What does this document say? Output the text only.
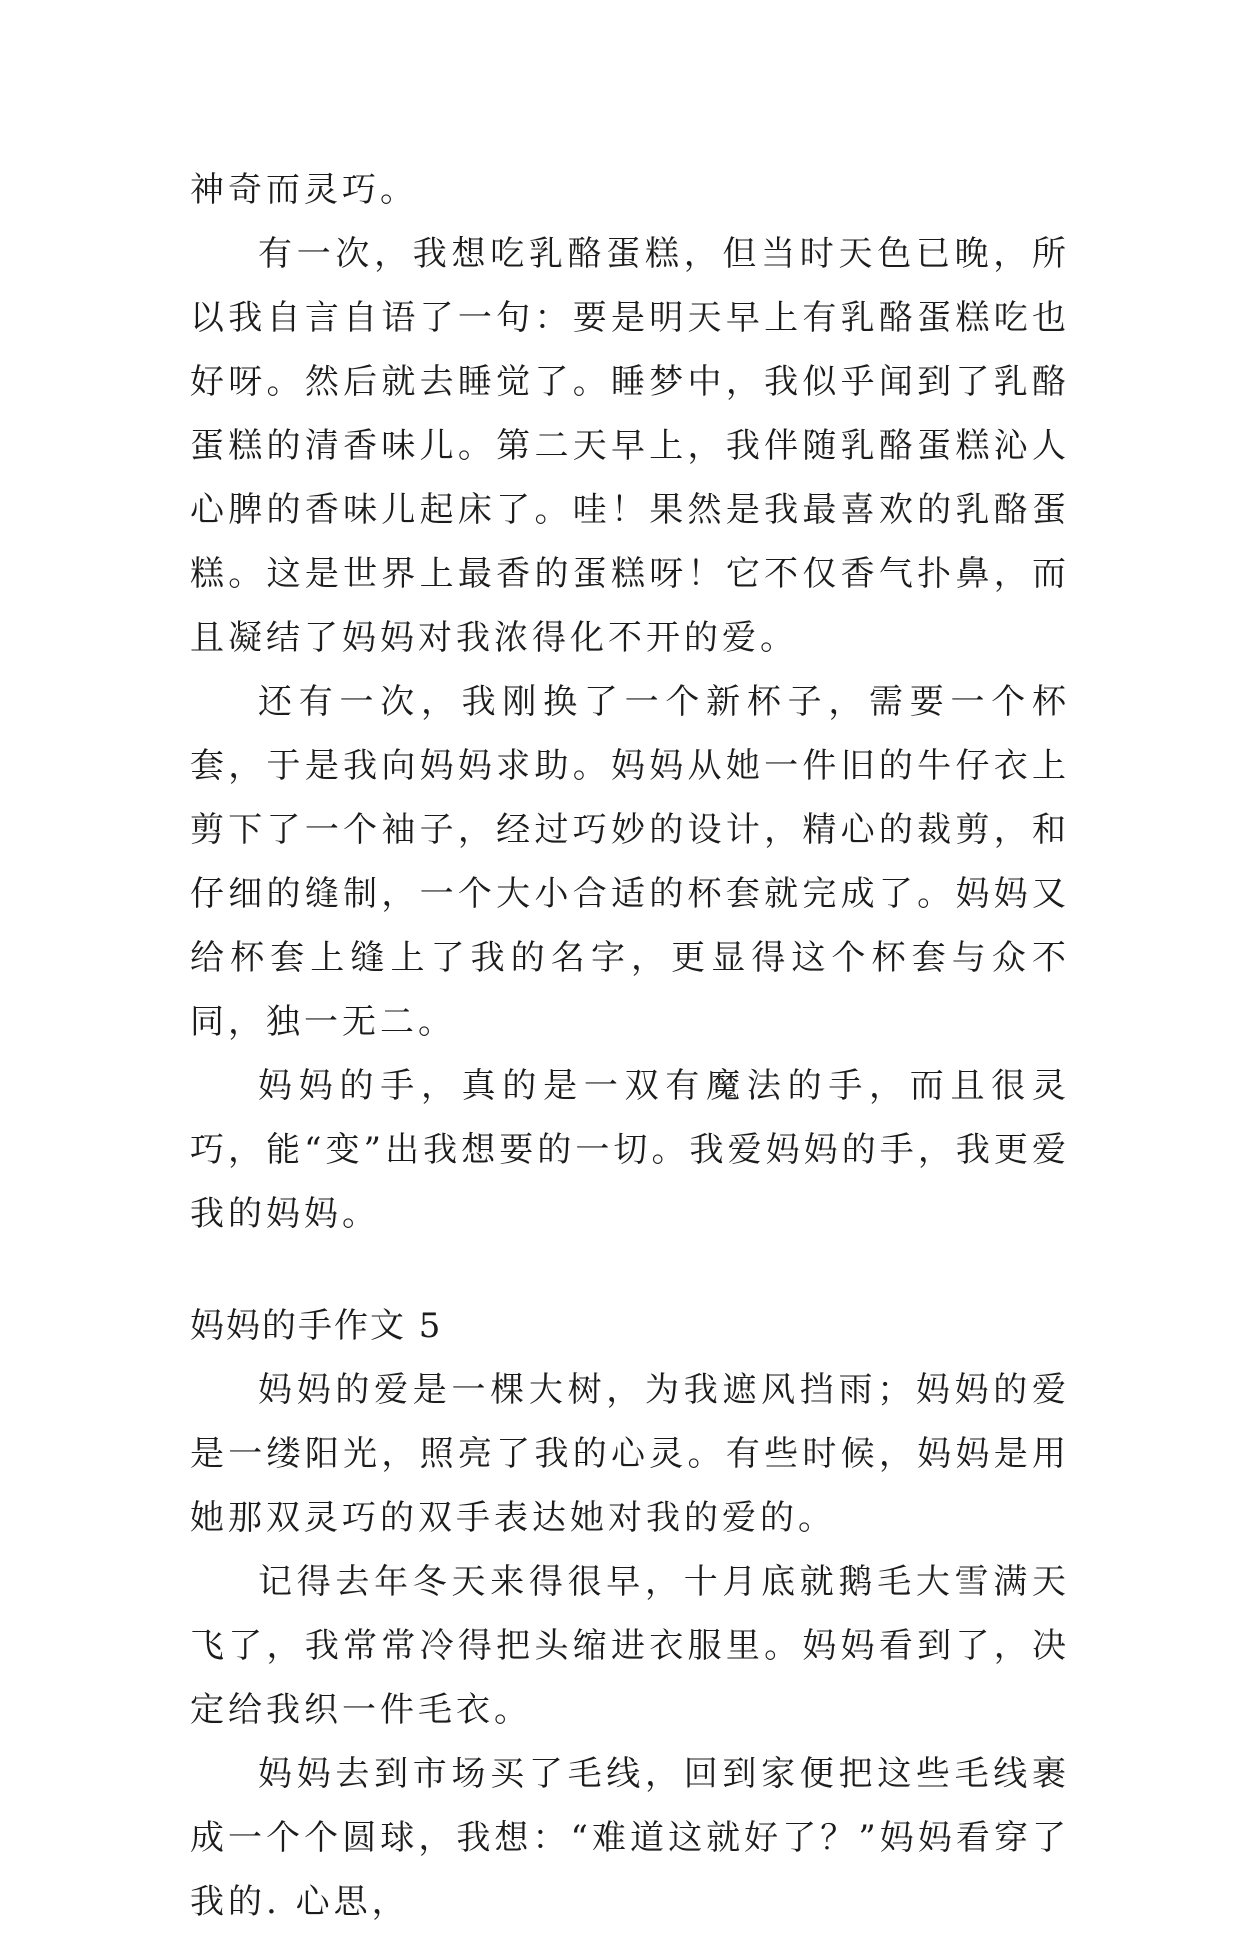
神奇而灵巧。

有一次，我想吃乳酪蛋糕，但当时天色已晚，所以我自言自语了一句：要是明天早上有乳酪蛋糕吃也好呀。然后就去睡觉了。睡梦中，我似乎闻到了乳酪蛋糕的清香味儿。第二天早上，我伴随乳酪蛋糕沁人心脾的香味儿起床了。哇！果然是我最喜欢的乳酪蛋糕。这是世界上最香的蛋糕呀！它不仅香气扑鼻，而且凝结了妈妈对我浓得化不开的爱。

还有一次，我刚换了一个新杯子，需要一个杯套，于是我向妈妈求助。妈妈从她一件旧的牛仔衣上剪下了一个袖子，经过巧妙的设计，精心的裁剪，和仔细的缝制，一个大小合适的杯套就完成了。妈妈又给杯套上缝上了我的名字，更显得这个杯套与众不同，独一无二。

妈妈的手，真的是一双有魔法的手，而且很灵巧，能“变”出我想要的一切。我爱妈妈的手，我更爱我的妈妈。

妈妈的手作文 5

妈妈的爱是一棵大树，为我遮风挡雨；妈妈的爱是一缕阳光，照亮了我的心灵。有些时候，妈妈是用她那双灵巧的双手表达她对我的爱的。

记得去年冬天来得很早，十月底就鹅毛大雪满天飞了，我常常冷得把头缩进衣服里。妈妈看到了，决定给我织一件毛衣。

妈妈去到市场买了毛线，回到家便把这些毛线裹成一个个圆球，我想：“难道这就好了？”妈妈看穿了我的. 心思，
